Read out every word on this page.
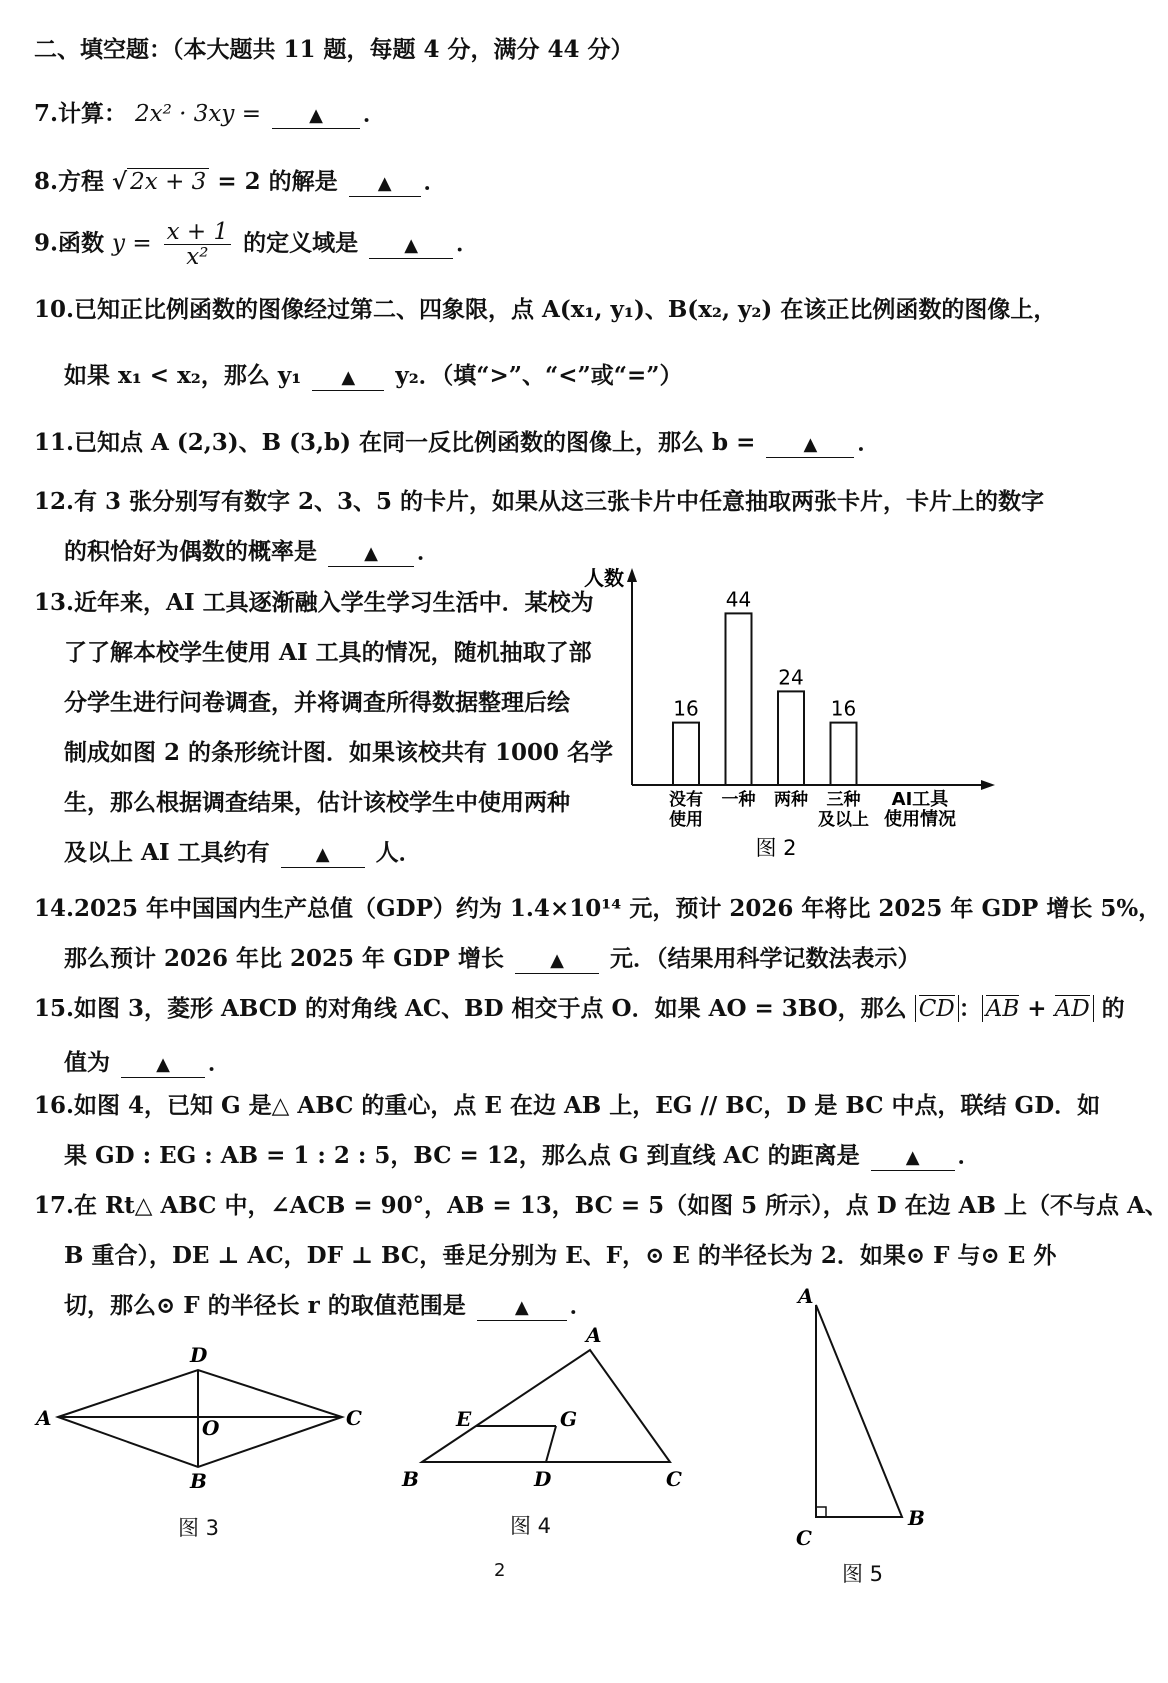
二、填空题：（本大题共 11 题，每题 4 分，满分 44 分）
7.计算： 2x² · 3xy =	▲ ．
8.方程 √ 2x + 3 = 2 的解是 ▲ ．
9.函数 $y = \frac{x + 1}{\text{x²}}$ 的定义域是	▲ ．
10.已知正比例函数的图像经过第二、四象限，点 A(x₁, y₁)、B(x₂, y₂) 在该正比例函数的图像上，
如果 x₁ < x₂，那么 y₁ ▲ y₂．（填“>”、“<”或“=”）
11.已知点 A (2,3)、B (3,b) 在同一反比例函数的图像上，那么 b =	▲ ．
12.有 3 张分别写有数字 2、3、5 的卡片，如果从这三张卡片中任意抽取两张卡片，卡片上的数字
的积恰好为偶数的概率是	▲ ．
13.近年来，AI 工具逐渐融入学生学习生活中．某校为
了了解本校学生使用 AI 工具的情况，随机抽取了部
分学生进行问卷调查，并将调查所得数据整理后绘
制成如图 2 的条形统计图．如果该校共有 1000 名学
生，那么根据调查结果，估计该校学生中使用两种
及以上 AI 工具约有	▲ 人．
人数
AI工具
使用情况
16
没有
使用
44
一种
24
两种
16
三种
及以上
图 2
14.2025 年中国国内生产总值（GDP）约为 1.4×10¹⁴ 元，预计 2026 年将比 2025 年 GDP 增长 5%，
那么预计 2026 年比 2025 年 GDP 增长	▲ 元．（结果用科学记数法表示）
15.如图 3，菱形 ABCD 的对角线 AC、BD 相交于点 O．如果 AO = 3BO，那么 CD ： AB + AD 的
值为	▲ ．
16.如图 4，已知 G 是△ ABC 的重心，点 E 在边 AB 上，EG // BC，D 是 BC 中点，联结 GD．如
果 GD : EG : AB = 1 : 2 : 5，BC = 12，那么点 G 到直线 AC 的距离是	▲ ．
17.在 Rt△ ABC 中，∠ACB = 90°，AB = 13，BC = 5（如图 5 所示），点 D 在边 AB 上（不与点 A、
B 重合），DE ⊥ AC，DF ⊥ BC，垂足分别为 E、F，⊙ E 的半径长为 2．如果⊙ F 与⊙ E 外
切，那么⊙ F 的半径长 r 的取值范围是	▲ ．
A
D
C
B
O
图 3
A
B	C
D
E	G
图 4
A
C
B
图 5
2
